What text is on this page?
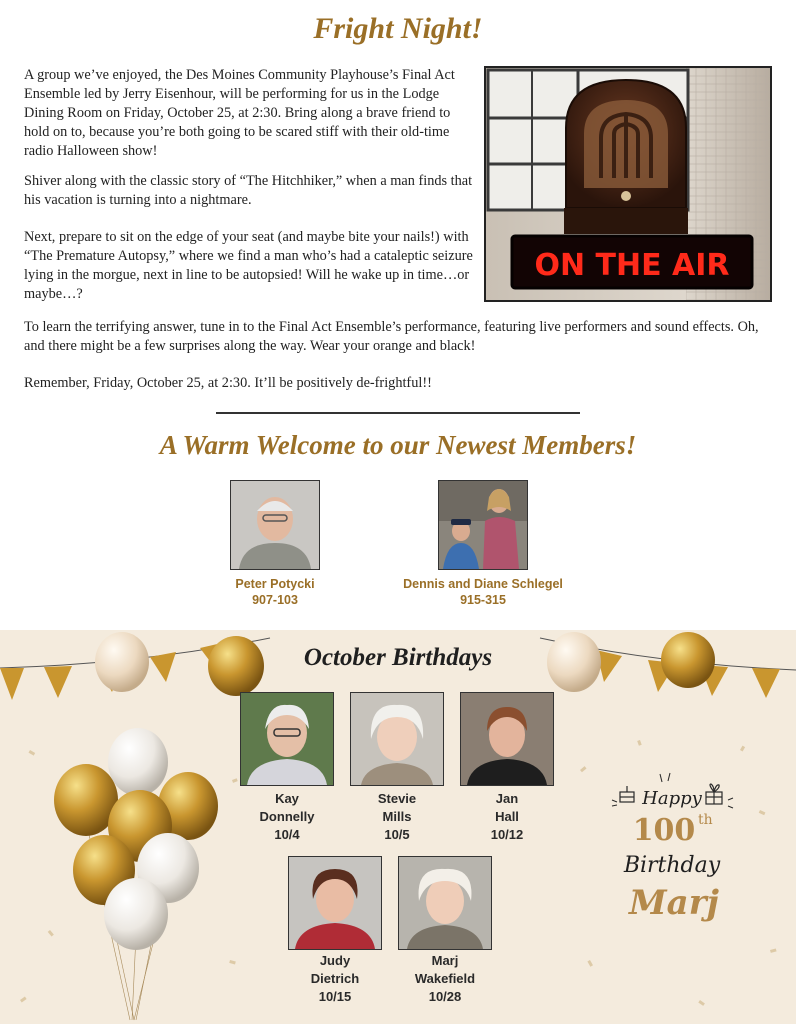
Fright Night!

A group we’ve enjoyed, the Des Moines Community Playhouse’s Final Act Ensemble led by Jerry Eisenhour, will be performing for us in the Lodge Dining Room on Friday, October 25, at 2:30. Bring along a brave friend to hold on to, because you’re both going to be scared stiff with their old-time radio Halloween show!

Shiver along with the classic story of “The Hitchhiker,” when a man finds that his vacation is turning into a nightmare.

Next, prepare to sit on the edge of your seat (and maybe bite your nails!) with “The Premature Autopsy,” where we find a man who’s had a cataleptic seizure lying in the morgue, next in line to be autopsied! Will he wake up in time…or maybe…?

To learn the terrifying answer, tune in to the Final Act Ensemble’s performance, featuring live performers and sound effects. Oh, and there might be a few surprises along the way. Wear your orange and black!

Remember, Friday, October 25, at 2:30. It’ll be positively de-frightful!!

ON THE AIR
A Warm Welcome to our Newest Members!
Peter Potycki
907-103
Dennis and Diane Schlegel
915-315
October Birthdays
Kay
Donnelly
10/4
Stevie
Mills
10/5
Jan
Hall
10/12
Judy
Dietrich
10/15
Marj
Wakefield
10/28
Happy
100 th
Birthday
Marj
